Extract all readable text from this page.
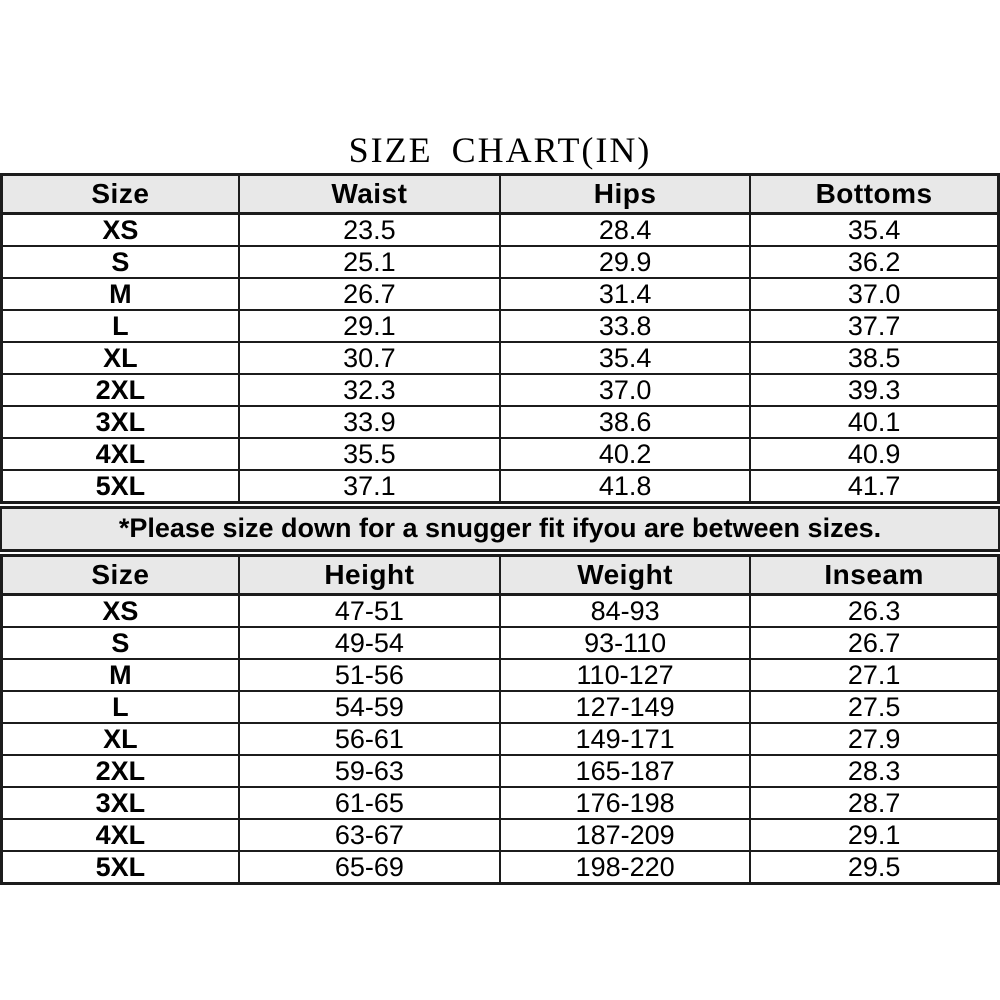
SIZE CHART(IN)
Size	Waist	Hips	Bottoms
XS	23.5	28.4	35.4
S	25.1	29.9	36.2
M	26.7	31.4	37.0
L	29.1	33.8	37.7
XL	30.7	35.4	38.5
2XL	32.3	37.0	39.3
3XL	33.9	38.6	40.1
4XL	35.5	40.2	40.9
5XL	37.1	41.8	41.7
*Please size down for a snugger fit ifyou are between sizes.
Size	Height	Weight	Inseam
XS	47-51	84-93	26.3
S	49-54	93-110	26.7
M	51-56	110-127	27.1
L	54-59	127-149	27.5
XL	56-61	149-171	27.9
2XL	59-63	165-187	28.3
3XL	61-65	176-198	28.7
4XL	63-67	187-209	29.1
5XL	65-69	198-220	29.5
